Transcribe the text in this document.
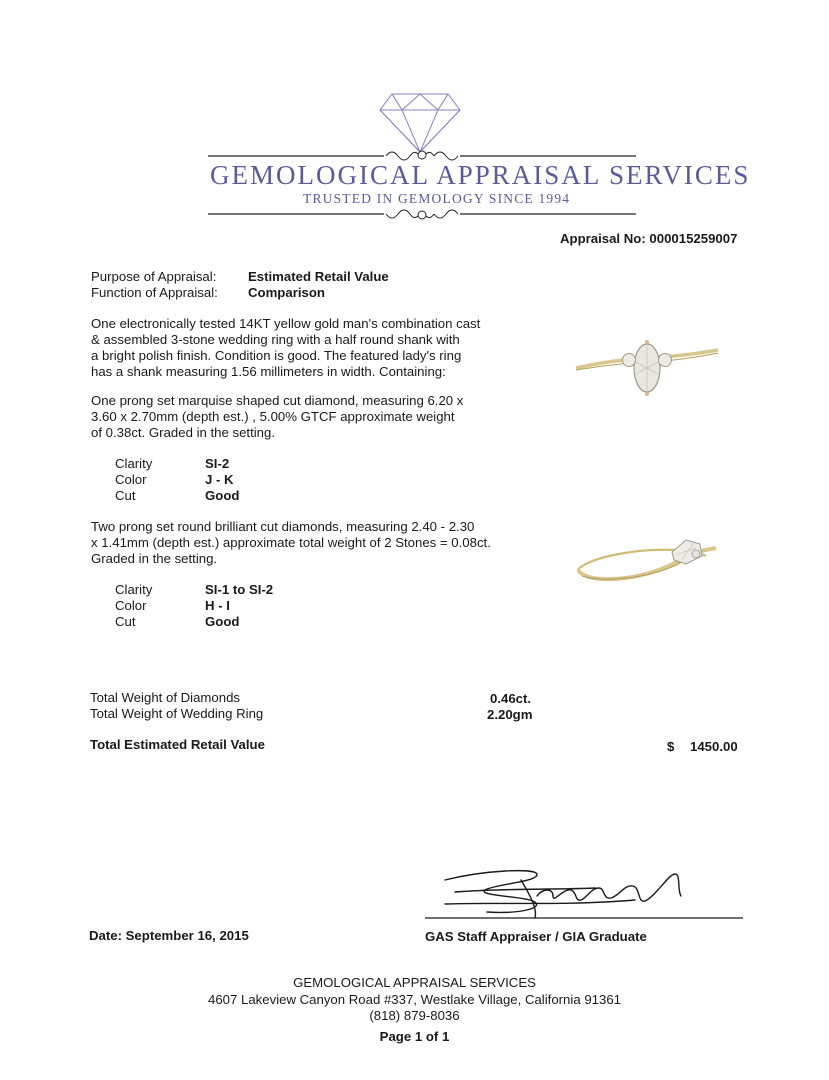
GEMOLOGICAL APPRAISAL SERVICES
TRUSTED IN GEMOLOGY SINCE 1994
Appraisal No: 000015259007
Purpose of Appraisal: Estimated Retail Value
Function of Appraisal: Comparison
One electronically tested 14KT yellow gold man's combination cast
& assembled 3-stone wedding ring with a half round shank with
a bright polish finish. Condition is good. The featured lady's ring
has a shank measuring 1.56 millimeters in width. Containing:
One prong set marquise shaped cut diamond, measuring 6.20 x
3.60 x 2.70mm (depth est.) , 5.00% GTCF approximate weight
of 0.38ct. Graded in the setting.
Clarity	SI-2
Color	J - K
Cut	Good
Two prong set round brilliant cut diamonds, measuring 2.40 - 2.30
x 1.41mm (depth est.) approximate total weight of 2 Stones = 0.08ct.
Graded in the setting.
Clarity	SI-1 to SI-2
Color	H - I
Cut	Good
Total Weight of Diamonds	0.46ct.
Total Weight of Wedding Ring	2.20gm
Total Estimated Retail Value	$ 1450.00
Date: September 16, 2015	GAS Staff Appraiser / GIA Graduate
GEMOLOGICAL APPRAISAL SERVICES
4607 Lakeview Canyon Road #337, Westlake Village, California 91361
(818) 879-8036
Page 1 of 1
